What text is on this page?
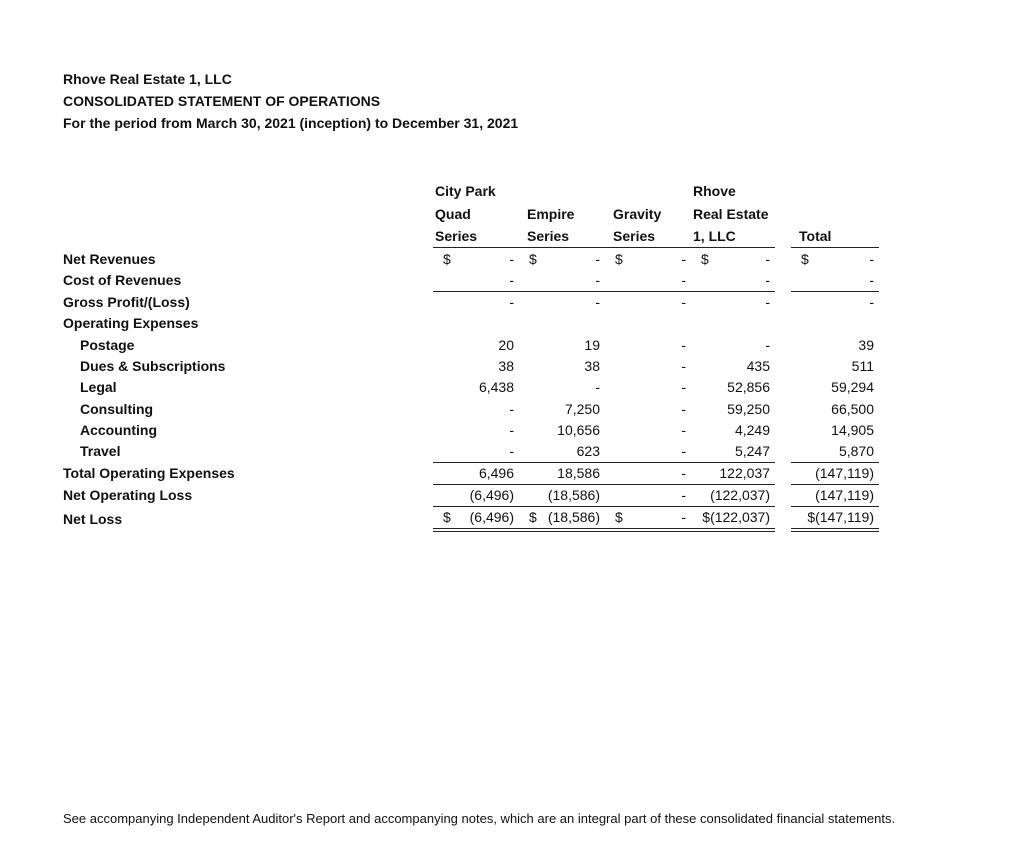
Rhove Real Estate 1, LLC
CONSOLIDATED STATEMENT OF OPERATIONS
For the period from March 30, 2021 (inception) to December 31, 2021

	City Park			Rhove	

	Quad	Empire	Gravity	Real Estate	

	Series	Series	Series	1, LLC	Total

Net Revenues	$ -	$ -	$ -	$ -	$ -

Cost of Revenues	-	-	-	-	-

Gross Profit/(Loss)	-	-	-	-	-

Operating Expenses	

Postage	20	19	-	-	39

Dues & Subscriptions	38	38	-	435	511

Legal	6,438	-	-	52,856	59,294

Consulting	-	7,250	-	59,250	66,500

Accounting	-	10,656	-	4,249	14,905

Travel	-	623	-	5,247	5,870

Total Operating Expenses	6,496	18,586	-	122,037	(147,119)

Net Operating Loss	(6,496)	(18,586)	-	(122,037)	(147,119)

Net Loss	$ (6,496)	$ (18,586)	$ -	$(122,037)	$(147,119)
See accompanying Independent Auditor's Report and accompanying notes, which are an integral part of these consolidated financial statements.
